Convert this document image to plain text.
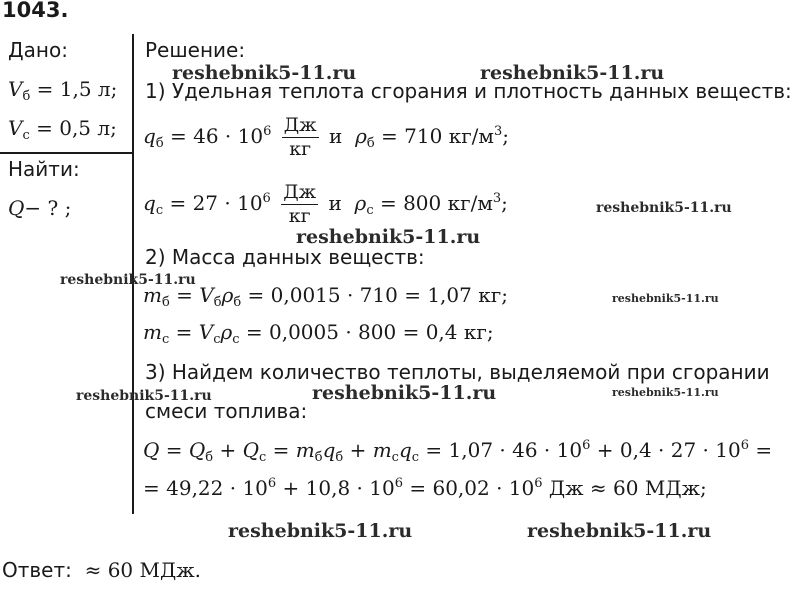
1043.
Дано:
$V_б = 1,5$ л;
$V_с = 0,5$ л;
Найти:
Q− ? ;
Решение:
1) Удельная теплота сгорания и плотность данных веществ:
$q_б = 46 \cdot 10^6 \frac{Дж}{кг}$ и $\rho_б = 710$ $кг/м^3$;
$q_с = 27 \cdot 10^6 \frac{Дж}{кг}$ и $\rho_с = 800$ $кг/м^3$;
2) Масса данных веществ:
$m_б = V_б\rho_б = 0,0015 \cdot 710 = 1,07$ кг;
$m_с = V_с\rho_с = 0,0005 \cdot 800 = 0,4$ кг;
3) Найдем количество теплоты, выделяемой при сгорании
смеси топлива:
$Q = Q_б + Q_с = m_бq_б + m_сq_с = 1,07 \cdot 46 \cdot 10^6 + 0,4 \cdot 27 \cdot 10^6$ =
= $49,22 \cdot 10^6 + 10,8 \cdot 10^6 = 60,02 \cdot 10^6$ Дж ≈ 60 МДж;
Ответ: ≈ 60 МДж.
reshebnik5-11.ru	reshebnik5-11.ru
reshebnik5-11.ru
reshebnik5-11.ru
reshebnik5-11.ru
reshebnik5-11.ru
reshebnik5-11.ru	reshebnik5-11.ru	reshebnik5-11.ru
reshebnik5-11.ru	reshebnik5-11.ru
